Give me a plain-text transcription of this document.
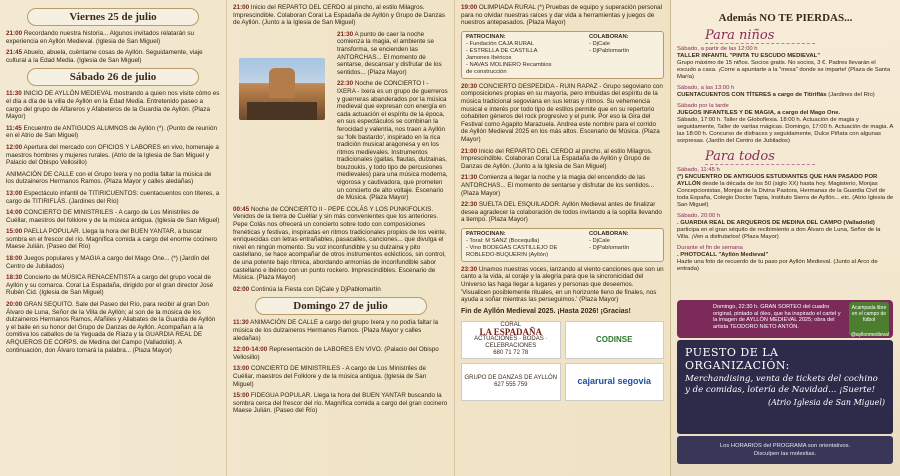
Viernes 25 de julio

21:00 Recordando nuestra historia... Algunos invitados relatarán su experiencia en Ayllón Medieval. (Iglesia de San Miguel)

21:45 Abuelo, abuela, cuéntame cosas de Ayllón. Seguidamente, viaje cultural a la Edad Media. (Iglesia de San Miguel)

Sábado 26 de julio

11:30 INICIO DE AYLLÓN MEDIEVAL mostrando a quien nos visite cómo es el día a día de la villa de Ayllón en la Edad Media. Entretenido paseo a cargo del grupo de Alfareros y Afabeteros de la Guardia de Ayllón. (Plaza Mayor)

11:45 Encuentro de ANTIGUOS ALUMNOS de Ayllón (*). (Punto de reunión en el Atrio de San Miguel)

12:00 Apertura del mercado con OFICIOS Y LABORES en vivo, homenaje a maestros hombres y mujeres rurales. (Atrio de la Iglesia de San Miguel y Palacio del Obispo Vellosillo)

ANIMACIÓN DE CALLE con el Grupo Ixera y no podía faltar la música de los dulzaineros Hermanos Ramos. (Plaza Mayor y calles aledañas)

13:00 Espectáculo infantil de TITIRICUENTOS: cuentacuentos con títeres, a cargo de TITIRIFLÁS. (Jardines del Río)

14:00 CONCIERTO DE MINISTRILES - A cargo de Los Ministriles de Cuéllar, maestros del folklore y de la música antigua. (Iglesia de San Miguel)

15:00 PAELLA POPULAR. Llega la hora del BUEN YANTAR, a buscar sombra en el frescor del río. Magnífica comida a cargo del enorme cocinero Maese Julián. (Paseo del Río)

18:00 Juegos populares y MAGIA a cargo del Mago One... (*) (Jardín del Centro de Jubilados)

18:30 Concierto de MÚSICA RENACENTISTA a cargo del grupo vocal de Ayllón y su comarca. Coral La Espadaña, dirigido por el gran director José Rubén Cid. (Iglesia de San Miguel)

20:00 GRAN SEQUITO. Sale del Paseo del Río, para recibir al gran Don Álvaro de Luna, Señor de la Villa de Ayllón; al son de la música de los dulzaineros Hermanos Ramos, Afañiles y Aliabates de la Guardia de Ayllón y el baile en su honor del Grupo de Danzas de Ayllón. Acompañan a la comitiva los caballos de la Yeguada de Riaza y la GUARDIA REAL DE ARQUEROS DE CORPS. de Medina del Campo (Valladolid). A continuación, don Álvaro tomará la palabra... (Plaza Mayor)

21:00 Inicio del REPARTO DEL CERDO al pincho, al estilo Milagros. Imprescindible. Colaboran Coral La Espadaña de Ayllón y Grupo de Danzas de Ayllón. (Junto a la Iglesia de San Miguel)

21:30 A punto de caer la noche comienza la magia, el ambiente se transforma, se encienden las ANTORCHAS... El momento de sentarse, descansar y disfrutar de los sentidos... (Plaza Mayor)

22:30 Noche de CONCIERTO I - IXERA - Ixera es un grupo de guerreros y guerreras abanderados por la música medieval que expresan con energía en cada actuación el espíritu de la época, en sus espectáculos se combinan la ferocidad y valentía, nos traen a Ayllón su 'folk bastardo', inspirado en la rica tradición musical aragonesa y en los ritmos medievales. Instrumentos tradicionales (gaitas, flautas, dulzainas, bouzoukis, y todo tipo de percusiones medievales) para una música moderna, vigorosa y cautivadora, que prometen un concierto de alto voltaje. Escenario de Música. (Plaza Mayor)

00:45 Noche de CONCIERTO II - PEPE COLÁS Y LOS PUNKIFOLKIS. Venidos de la tierra de Cuéllar y sin más convenientes que los anteriores. Pepe Colás nos ofrecerá un concierto sobre todo con composiciones frenéticas y festivas, inspiradas en ritmos tradicionales propios de los veinte, enriquecidas con letras entrañables, pasacalles, canciones... que divulga el nivel en ningún momento. Su voz inconfundible y su dulzaina y pito castellano, se hace acompañar de otros instrumentos eclécticos, sin control, de una potente bajo rítmica, abordando armonías de inconfundible sabor castellano e ibérico con un punto rockero. Imprescindibles. Escenario de Música. (Plaza Mayor)

02:00 Continúa la Fiesta con DjCale y DjPablomartín

Domingo 27 de julio

11:30 ANIMACIÓN DE CALLE a cargo del grupo Ixera y no podía faltar la música de los dulzaineros Hermanos Ramos. (Plaza Mayor y calles aledañas)

12:00-14:00 Representación de LABORES EN VIVO. (Palacio del Obispo Vellosillo)

13:00 CONCIERTO DE MINISTRILES - A cargo de Los Ministriles de Cuéllar, maestros del Folklore y de la música antigua. (Iglesia de San Miguel)

15:00 FIDEGUA POPULAR. Llega la hora del BUEN YANTAR buscando la sombra cerca del frescor del río. Magnífica comida a cargo del gran cocinero Maese Julián. (Paseo del Río)

19:00 OLIMPIADA RURAL (*) Pruebas de equipo y superación personal para no olvidar nuestras raíces y dar vida a herramientas y juegos de nuestros antepasados. (Plaza Mayor)

PATROCINAN:
- Fundación CAJA RURAL
- ESTRELLA DE CASTILLA
Jamones Ibéricos
- NAVAS MOLINERO Recambios
de construcción
COLABORAN:
- DjCale
- DjPablomartín

20:30 CONCIERTO DESPEDIDA - RUIN RAPAZ - Grupo segoviano con composiciones propias en su mayoría, pero imbuidas del espíritu de la música tradicional segoviana en sus letras y ritmos. Su vehemencia musical e interés por todo tipo de estilos permite que en su repertorio cohabiten géneros del rock progresivo y el punk. Por eso la Gira del Festival como Agapito Marazuela. Andrea este nombre para el corrido de Ayllón Medieval 2025 en los más altos. Escenario de Música. (Plaza Mayor)

21:00 Inicio del REPARTO DEL CERDO al pincho, al estilo Milagros. Imprescindible. Colaboran Coral La Espadaña de Ayllón y Grupo de Danzas de Ayllón. (Junto a la Iglesia de San Miguel)

21:30 Comienza a llegar la noche y la magia del encendido de las ANTORCHAS... El momento de sentarse y disfrutar de los sentidos... (Plaza Mayor)

22:30 SUELTA DEL ESQUILADOR. Ayllón Medieval antes de finalizar desea agradecer la colaboración de todos invitando a la sopilla llevando a tiempo. (Plaza Mayor)

PATROCINAN:
- Toral: M SANZ (Bocequilla)
- Vino BODEGAS CASTILLEJO DE
ROBLEDO-BUQUERIN (Ayllón)
COLABORAN:
- DjCale
- DjPablomartín

23:30 Unamos nuestras voces, lanzando al viento canciones que son un canto a la vida, al coraje y la alegría para que la sincronicidad del Universo las haga llegar a lugares y personas que deseemos. 'Visualicen posiblemente rituales, en un horizonte lleno de finales, nos ayuda a soñar mientras las perseguimos.' (Plaza Mayor)

Fin de Ayllón Medieval 2025. ¡Hasta 2026! ¡Gracias!
CORAL
LA ESPADAÑA
ACTUACIONES · BODAS · CELEBRACIONES
680 71 72 78
CODINSE
GRUPO DE DANZAS DE AYLLÓN
627 555 759	cajarural segovia
Además NO TE PIERDAS...
Para niños

Sábado, a partir de las 12:00 h
TALLER INFANTIL "PINTA TU ESCUDO MEDIEVAL"
Grupo máximo de 15 niños. Socios gratis. No socios, 3 €. Padres llevarán el escudo a casa. ¡Corre a apuntarte a la "mesa" donde se imparte! (Plaza de Santa María)

Sábado, a las 13:00 h
CUENTACUENTOS CON TÍTERES a cargo de Titiriflás (Jardines del Río)

Sábado por la tarde
JUEGOS INFANTILES Y DE MAGIA, a cargo del Mago One.
Sábado, 17:00 h. Taller de Globoflexia. 18:00 h. Actuación de magia y seguidamente, Taller de varitas mágicas. Domingo, 17:00 h. Actuación de magia. A las 18:00 h. Concurso de disfraces y seguidamente, Dulce Piñata con algunas sorpresas. (Jardín del Centro de Jubilados)

Para todos

Sábado, 11:45 h
(*) ENCUENTRO DE ANTIGUOS ESTUDIANTES QUE HAN PASADO POR AYLLÓN desde la década de los 50 (siglo XX) hasta hoy. Magisterio, Monjas Concepcionistas, Monjas de la Divina Pastora, Hermanas de la Guardia Civil de toda España, Colegio Doctor Tapia, Instituto Sierra de Ayllón... etc. (Atrio Iglesia de San Miguel)

Sábado, 20:00 h
. GUARDIA REAL DE ARQUEROS DE MEDINA DEL CAMPO (Valladolid) participa en el gran séquito de recibimiento a don Álvaro de Luna, Señor de la Villa. ¡Ven a disfrutarlos! (Plaza Mayor)

Durante el fin de semana
. PHOTOCALL "Ayllón Medieval"
Hazte una foto de recuerdo de tu paso por Ayllón Medieval. (Junto al Arco de entrada)

Domingo, 22:30 h. GRAN SORTEO del cuadro original, pintado al óleo, que ha inspirado el cartel y la imagen de AYLLÓN MEDIEVAL 2025; obra del artista TEODORO NIETO ANTÓN.
Acampada libre en el campo de fútbol
@ayllonmedieval
PUESTO DE LA ORGANIZACIÓN:
Merchandising, venta de tickets del cochino y de comidas, lotería de Navidad... ¡Suerte!
(Atrio Iglesia de San Miguel)
Los HORARIOS del PROGRAMA son orientativos.
Disculpen las molestias.
